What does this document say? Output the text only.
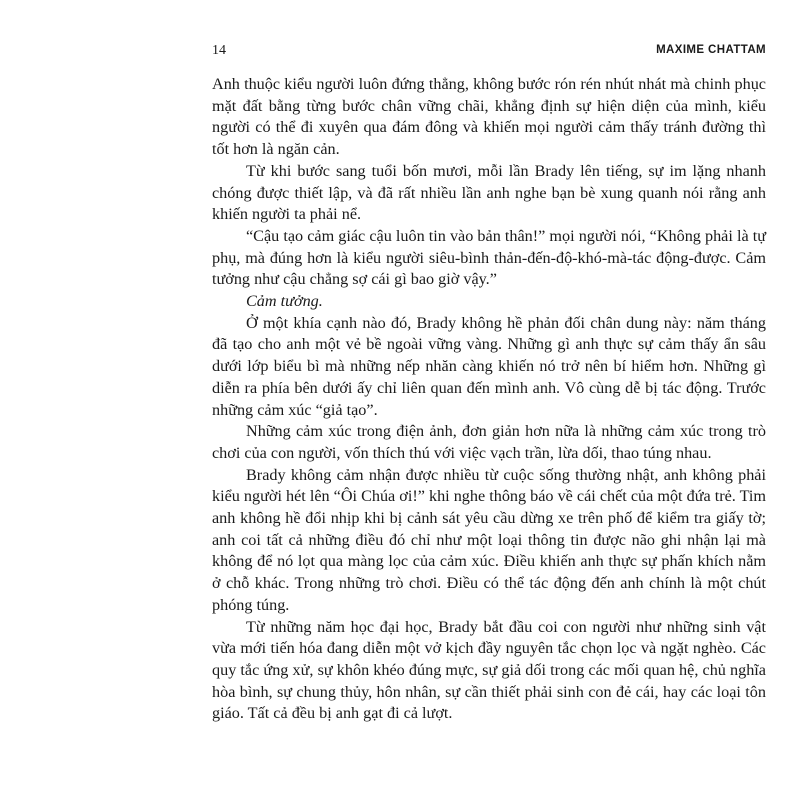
14	MAXIME CHATTAM

Anh thuộc kiểu người luôn đứng thẳng, không bước rón rén nhút nhát mà chinh phục mặt đất bằng từng bước chân vững chãi, khẳng định sự hiện diện của mình, kiểu người có thể đi xuyên qua đám đông và khiến mọi người cảm thấy tránh đường thì tốt hơn là ngăn cản.

Từ khi bước sang tuổi bốn mươi, mỗi lần Brady lên tiếng, sự im lặng nhanh chóng được thiết lập, và đã rất nhiều lần anh nghe bạn bè xung quanh nói rằng anh khiến người ta phải nể.

“Cậu tạo cảm giác cậu luôn tin vào bản thân!” mọi người nói, “Không phải là tự phụ, mà đúng hơn là kiểu người siêu-bình thản-đến-độ-khó-mà-tác động-được. Cảm tưởng như cậu chẳng sợ cái gì bao giờ vậy.”

Cảm tưởng.

Ở một khía cạnh nào đó, Brady không hề phản đối chân dung này: năm tháng đã tạo cho anh một vẻ bề ngoài vững vàng. Những gì anh thực sự cảm thấy ẩn sâu dưới lớp biểu bì mà những nếp nhăn càng khiến nó trở nên bí hiểm hơn. Những gì diễn ra phía bên dưới ấy chỉ liên quan đến mình anh. Vô cùng dễ bị tác động. Trước những cảm xúc “giả tạo”.

Những cảm xúc trong điện ảnh, đơn giản hơn nữa là những cảm xúc trong trò chơi của con người, vốn thích thú với việc vạch trần, lừa dối, thao túng nhau.

Brady không cảm nhận được nhiều từ cuộc sống thường nhật, anh không phải kiểu người hét lên “Ôi Chúa ơi!” khi nghe thông báo về cái chết của một đứa trẻ. Tim anh không hề đổi nhịp khi bị cảnh sát yêu cầu dừng xe trên phố để kiểm tra giấy tờ; anh coi tất cả những điều đó chỉ như một loại thông tin được não ghi nhận lại mà không để nó lọt qua màng lọc của cảm xúc. Điều khiến anh thực sự phấn khích nằm ở chỗ khác. Trong những trò chơi. Điều có thể tác động đến anh chính là một chút phóng túng.

Từ những năm học đại học, Brady bắt đầu coi con người như những sinh vật vừa mới tiến hóa đang diễn một vở kịch đầy nguyên tắc chọn lọc và ngặt nghèo. Các quy tắc ứng xử, sự khôn khéo đúng mực, sự giả dối trong các mối quan hệ, chủ nghĩa hòa bình, sự chung thủy, hôn nhân, sự cần thiết phải sinh con đẻ cái, hay các loại tôn giáo. Tất cả đều bị anh gạt đi cả lượt.
